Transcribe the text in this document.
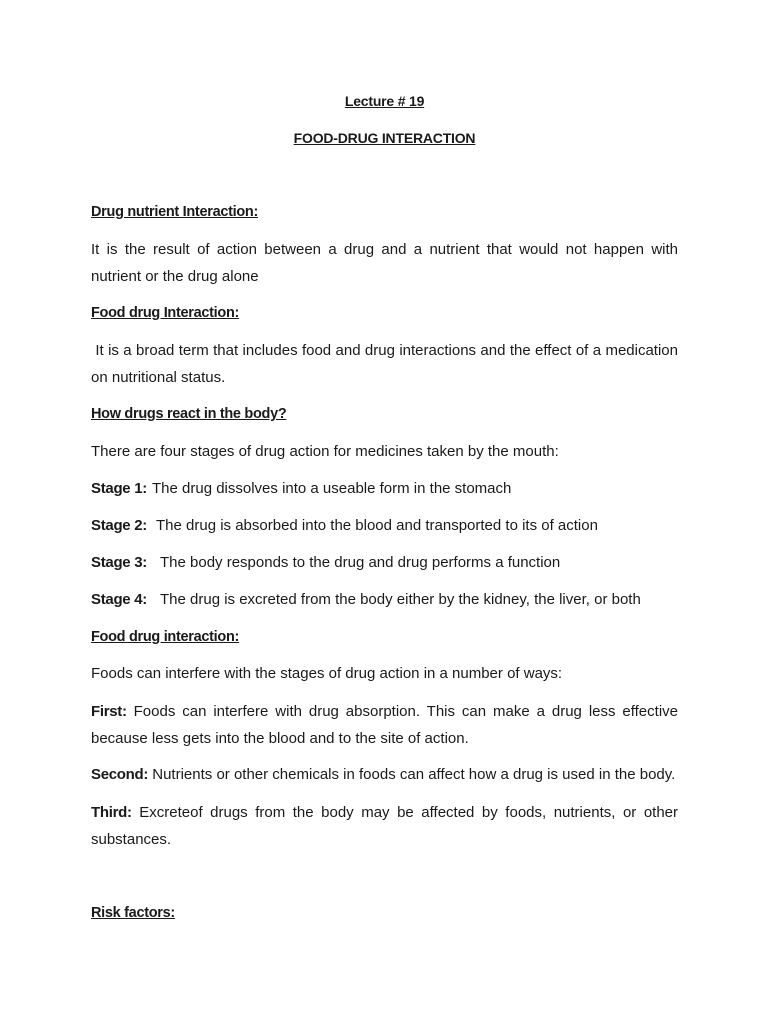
Lecture # 19
FOOD-DRUG INTERACTION
Drug nutrient Interaction:
It is the result of action between a drug and a nutrient that would not happen with nutrient or the drug alone
Food drug Interaction:
It is a broad term that includes food and drug interactions and the effect of a medication on nutritional status.
How drugs react in the body?
There are four stages of drug action for medicines taken by the mouth:
Stage 1: The drug dissolves into a useable form in the stomach
Stage 2: The drug is absorbed into the blood and transported to its of action
Stage 3: The body responds to the drug and drug performs a function
Stage 4: The drug is excreted from the body either by the kidney, the liver, or both
Food drug interaction:
Foods can interfere with the stages of drug action in a number of ways:
First: Foods can interfere with drug absorption. This can make a drug less effective because less gets into the blood and to the site of action.
Second: Nutrients or other chemicals in foods can affect how a drug is used in the body.
Third: Excreteof drugs from the body may be affected by foods, nutrients, or other substances.
Risk factors:
